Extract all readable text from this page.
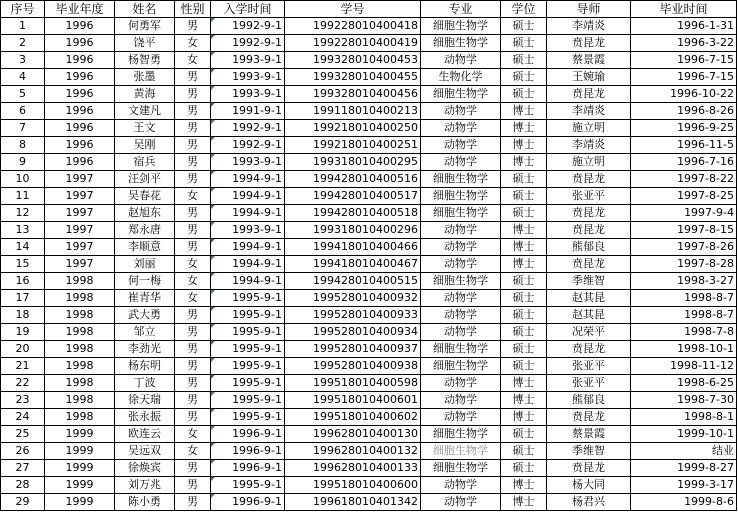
序号	毕业年度	姓名	性别	入学时间	学号	专业	学位	导师	毕业时间
1	1996	何勇军	男	1992-9-1	199228010400418	细胞生物学	硕士	李靖炎	1996-1-31
2	1996	饶平	女	1992-9-1	199228010400419	细胞生物学	硕士	贲昆龙	1996-3-22
3	1996	杨智勇	女	1993-9-1	199328010400453	动物学	硕士	蔡景霞	1996-7-15
4	1996	张墨	男	1993-9-1	199328010400455	生物化学	硕士	王婉瑜	1996-7-15
5	1996	黄海	男	1993-9-1	199328010400456	细胞生物学	硕士	贲昆龙	1996-10-22
6	1996	文建凡	男	1991-9-1	199118010400213	动物学	博士	李靖炎	1996-8-26
7	1996	王文	男	1992-9-1	199218010400250	动物学	博士	施立明	1996-9-25
8	1996	吴刚	男	1992-9-1	199218010400251	动物学	博士	李靖炎	1996-11-5
9	1996	宿兵	男	1993-9-1	199318010400295	动物学	博士	施立明	1996-7-16
10	1997	汪剑平	男	1994-9-1	199428010400516	细胞生物学	硕士	贲昆龙	1997-8-22
11	1997	吴春花	女	1994-9-1	199428010400517	细胞生物学	硕士	张亚平	1997-8-25
12	1997	赵旭东	男	1994-9-1	199428010400518	细胞生物学	硕士	贲昆龙	1997-9-4
13	1997	郑永唐	男	1993-9-1	199318010400296	动物学	博士	贲昆龙	1997-8-15
14	1997	李顺意	男	1994-9-1	199418010400466	动物学	博士	熊郁良	1997-8-26
15	1997	刘丽	女	1994-9-1	199418010400467	动物学	博士	贲昆龙	1997-8-28
16	1998	何一梅	女	1994-9-1	199428010400515	细胞生物学	硕士	季维智	1998-3-27
17	1998	崔青华	女	1995-9-1	199528010400932	动物学	硕士	赵其昆	1998-8-7
18	1998	武大勇	男	1995-9-1	199528010400933	动物学	硕士	赵其昆	1998-8-7
19	1998	邹立	男	1995-9-1	199528010400934	动物学	硕士	况荣平	1998-7-8
20	1998	李劲光	男	1995-9-1	199528010400937	细胞生物学	硕士	贲昆龙	1998-10-1
21	1998	杨东明	男	1995-9-1	199528010400938	细胞生物学	硕士	张亚平	1998-11-12
22	1998	丁波	男	1995-9-1	199518010400598	动物学	博士	张亚平	1998-6-25
23	1998	徐天瑞	男	1995-9-1	199518010400601	动物学	博士	熊郁良	1998-7-30
24	1998	张永振	男	1995-9-1	199518010400602	动物学	博士	贲昆龙	1998-8-1
25	1999	欧连云	女	1996-9-1	199628010400130	细胞生物学	硕士	蔡景霞	1999-10-1
26	1999	吴远双	女	1996-9-1	199628010400132	细胞生物学	硕士	季维智	结业
27	1999	徐焕宾	男	1996-9-1	199628010400133	细胞生物学	硕士	贲昆龙	1999-8-27
28	1999	刘万兆	男	1995-9-1	199518010400600	动物学	博士	杨大同	1999-3-17
29	1999	陈小勇	男	1996-9-1	199618010401342	动物学	博士	杨君兴	1999-8-6
